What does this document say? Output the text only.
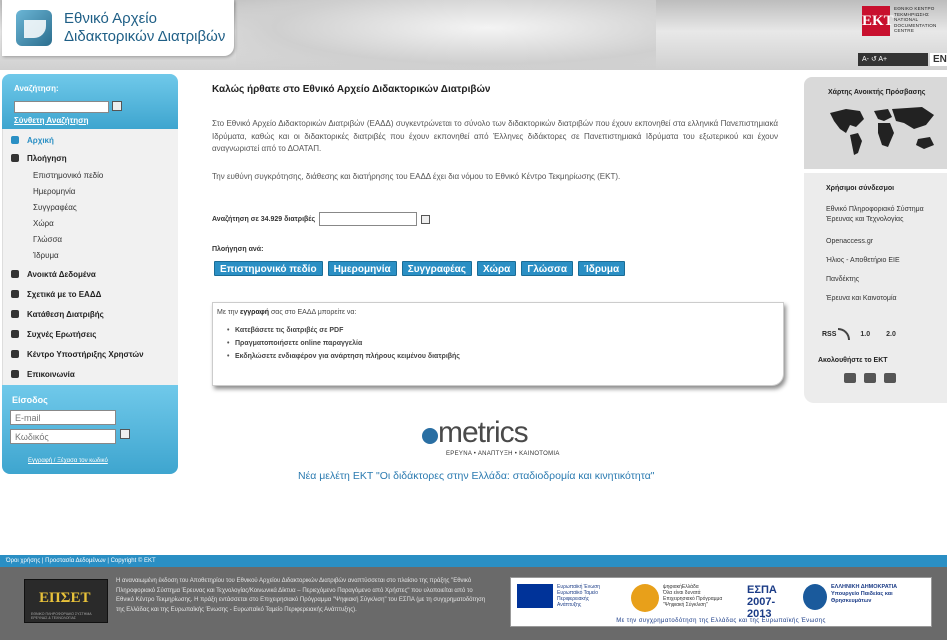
Εθνικό Αρχείο
Διδακτορικών Διατριβών
ΕΚΤ
ΕΘΝΙΚΟ ΚΕΝΤΡΟ
ΤΕΚΜΗΡΙΩΣΗΣ
NATIONAL
DOCUMENTATION
CENTRE
A- ↺ A+	EN
Αναζήτηση:
Σύνθετη Αναζήτηση
Αρχική
Πλοήγηση
Επιστημονικό πεδίο
Ημερομηνία
Συγγραφέας
Χώρα
Γλώσσα
Ίδρυμα
Ανοικτά Δεδομένα
Σχετικά με το ΕΑΔΔ
Κατάθεση Διατριβής
Συχνές Ερωτήσεις
Κέντρο Υποστήριξης Χρηστών
Επικοινωνία
Είσοδος
E-mail
Εγγραφή / Ξέχασα τον κωδικό
Καλώς ήρθατε στο Εθνικό Αρχείο Διδακτορικών Διατριβών
Στο Εθνικό Αρχείο Διδακτορικών Διατριβών (ΕΑΔΔ) συγκεντρώνεται το σύνολο των διδακτορικών διατριβών που έχουν εκπονηθεί στα ελληνικά Πανεπιστημιακά Ιδρύματα, καθώς και οι διδακτορικές διατριβές που έχουν εκπονηθεί από Έλληνες διδάκτορες σε Πανεπιστημιακά Ιδρύματα του εξωτερικού και έχουν αναγνωριστεί από το ΔΟΑΤΑΠ.
Την ευθύνη συγκρότησης, διάθεσης και διατήρησης του ΕΑΔΔ έχει δια νόμου το Εθνικό Κέντρο Τεκμηρίωσης (ΕΚΤ).
Αναζήτηση σε 34.929 διατριβές
Πλοήγηση ανά:
Επιστημονικό πεδίο	Ημερομηνία	Συγγραφέας	Χώρα	Γλώσσα	Ίδρυμα
Με την εγγραφή σας στο ΕΑΔΔ μπορείτε να:
• Κατεβάσετε τις διατριβές σε PDF
• Πραγματοποιήσετε online παραγγελία
• Εκδηλώσετε ενδιαφέρον για ανάρτηση πλήρους κειμένου διατριβής
metrics
ΕΡΕΥΝΑ • ΑΝΑΠΤΥΞΗ • ΚΑΙΝΟΤΟΜΙΑ
Νέα μελέτη ΕΚΤ "Οι διδάκτορες στην Ελλάδα: σταδιοδρομία και κινητικότητα"
Χάρτης Ανοικτής Πρόσβασης
Χρήσιμοι σύνδεσμοι
Εθνικό Πληροφοριακό Σύστημα Έρευνας και Τεχνολογίας
Openaccess.gr
Ήλιος - Αποθετήριο ΕΙΕ
Πανδέκτης
Έρευνα και Καινοτομία
RSS	1.0 2.0
Ακολουθήστε το ΕΚΤ
Όροι χρήσης | Προστασία Δεδομένων | Copyright © ΕΚΤ
ΕΠΣΕΤ
ΕΘΝΙΚΟ ΠΛΗΡΟΦΟΡΙΑΚΟ ΣΥΣΤΗΜΑ ΕΡΕΥΝΑΣ & ΤΕΧΝΟΛΟΓΙΑΣ
Η αναναιωμένη έκδοση του Αποθετηρίου του Εθνικού Αρχείου Διδακτορικών Διατριβών αναπτύσσεται στο πλαίσιο της πράξης "Εθνικό Πληροφοριακό Σύστημα Έρευνας και Τεχνολογίας/Κοινωνικά Δίκτυα – Περιεχόμενο Παραγόμενο από Χρήστες" που υλοποιείται από το Εθνικό Κέντρο Τεκμηρίωσης. Η πράξη εντάσσεται στο Επιχειρησιακό Πρόγραμμα "Ψηφιακή Σύγκλιση" του ΕΣΠΑ (με τη συγχρηματοδότηση της Ελλάδας και της Ευρωπαϊκής Ένωσης - Ευρωπαϊκό Ταμείο Περιφερειακής Ανάπτυξης).
Ευρωπαϊκή Ένωση
Ευρωπαϊκό Ταμείο
Περιφερειακής
Ανάπτυξης
ψηφιακήΕλλάδα
Όλα είναι δυνατά
Επιχειρησιακό Πρόγραμμα
"Ψηφιακή Σύγκλιση"
ΕΣΠΑ
2007-2013
ΕΛΛΗΝΙΚΗ ΔΗΜΟΚΡΑΤΙΑ
Υπουργείο Παιδείας και Θρησκευμάτων
Με την συγχρηματοδότηση της Ελλάδας και της Ευρωπαϊκής Ένωσης
